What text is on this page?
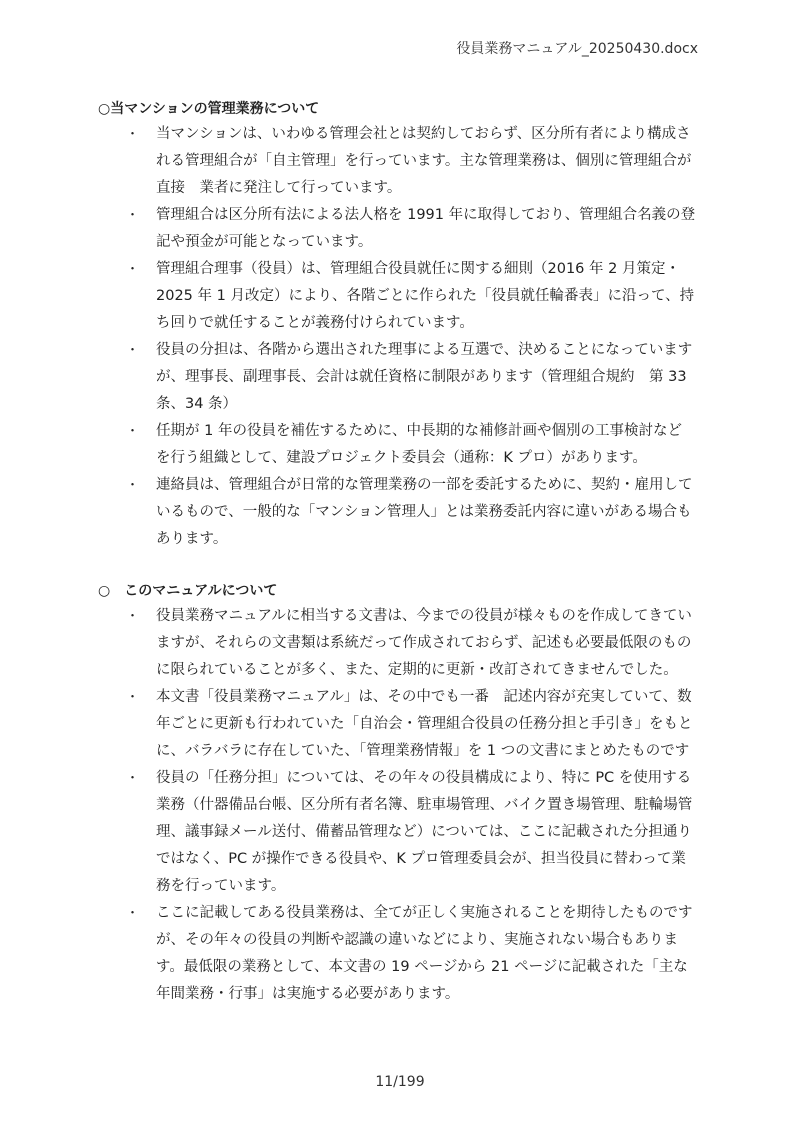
役員業務マニュアル_20250430.docx
○当マンションの管理業務について
・ 当マンションは、いわゆる管理会社とは契約しておらず、区分所有者により構成さ

れる管理組合が「自主管理」を行っています。主な管理業務は、個別に管理組合が

直接　業者に発注して行っています。

・ 管理組合は区分所有法による法人格を 1991 年に取得しており、管理組合名義の登

記や預金が可能となっています。

・ 管理組合理事（役員）は、管理組合役員就任に関する細則（2016 年 2 月策定・

2025 年 1 月改定）により、各階ごとに作られた「役員就任輪番表」に沿って、持

ち回りで就任することが義務付けられています。

・ 役員の分担は、各階から選出された理事による互選で、決めることになっています

が、理事長、副理事長、会計は就任資格に制限があります（管理組合規約　第 33

条、34 条）

・ 任期が 1 年の役員を補佐するために、中長期的な補修計画や個別の工事検討など

を行う組織として、建設プロジェクト委員会（通称：K プロ）があります。

・ 連絡員は、管理組合が日常的な管理業務の一部を委託するために、契約・雇用して

いるもので、一般的な「マンション管理人」とは業務委託内容に違いがある場合も

あります。

○ このマニュアルについて
・ 役員業務マニュアルに相当する文書は、今までの役員が様々ものを作成してきてい

ますが、それらの文書類は系統だって作成されておらず、記述も必要最低限のもの

に限られていることが多く、また、定期的に更新・改訂されてきませんでした。

・ 本文書「役員業務マニュアル」は、その中でも一番　記述内容が充実していて、数

年ごとに更新も行われていた「自治会・管理組合役員の任務分担と手引き」をもと

に、バラバラに存在していた、「管理業務情報」を 1 つの文書にまとめたものです

・ 役員の「任務分担」については、その年々の役員構成により、特に PC を使用する

業務（什器備品台帳、区分所有者名簿、駐車場管理、バイク置き場管理、駐輪場管

理、議事録メール送付、備蓄品管理など）については、ここに記載された分担通り

ではなく、PC が操作できる役員や、K プロ管理委員会が、担当役員に替わって業

務を行っています。

・ ここに記載してある役員業務は、全てが正しく実施されることを期待したものです

が、その年々の役員の判断や認識の違いなどにより、実施されない場合もありま

す。最低限の業務として、本文書の 19 ページから 21 ページに記載された「主な

年間業務・行事」は実施する必要があります。

11/199
